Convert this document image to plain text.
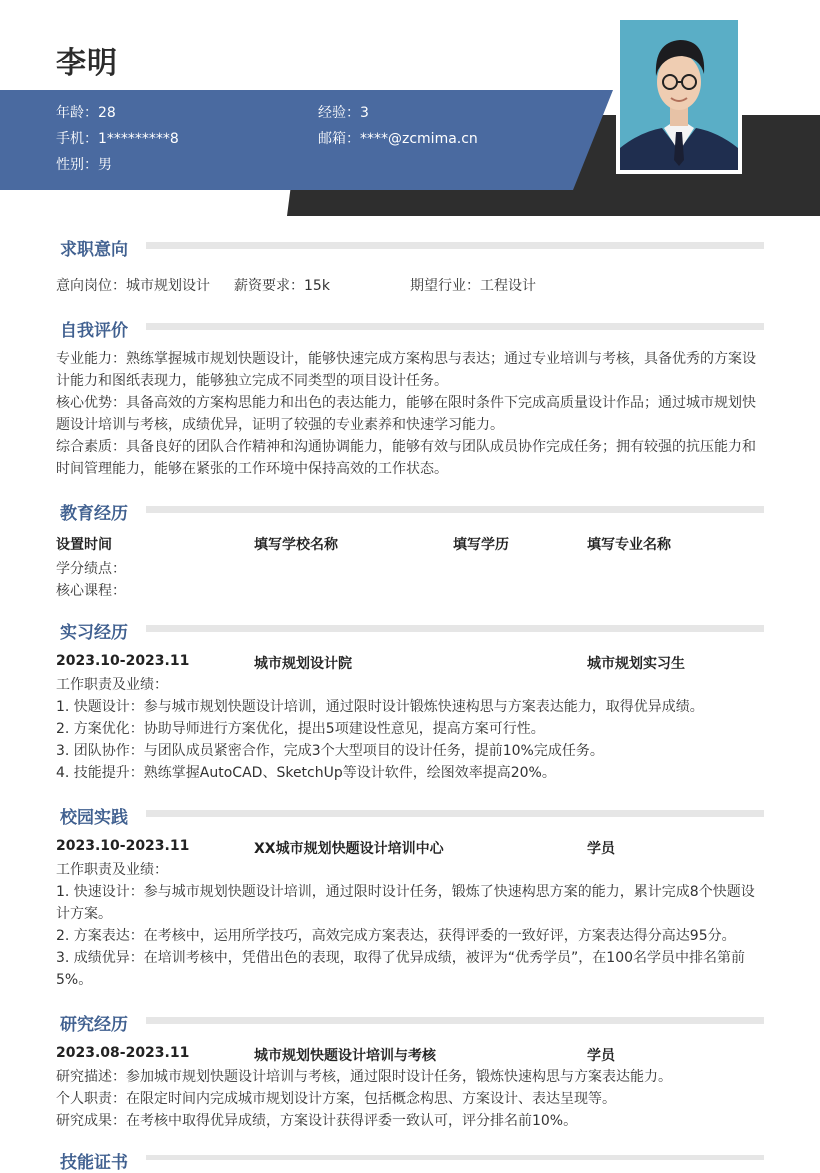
李明
年龄：28	经验：3
手机：1*********8	邮箱：****@zcmima.cn
性别：男
求职意向
意向岗位：城市规划设计 薪资要求：15k	期望行业：工程设计
自我评价
专业能力：熟练掌握城市规划快题设计，能够快速完成方案构思与表达；通过专业培训与考核，具备优秀的方案设
计能力和图纸表现力，能够独立完成不同类型的项目设计任务。
核心优势：具备高效的方案构思能力和出色的表达能力，能够在限时条件下完成高质量设计作品；通过城市规划快
题设计培训与考核，成绩优异，证明了较强的专业素养和快速学习能力。
综合素质：具备良好的团队合作精神和沟通协调能力，能够有效与团队成员协作完成任务；拥有较强的抗压能力和
时间管理能力，能够在紧张的工作环境中保持高效的工作状态。
教育经历
设置时间	填写学校名称	填写学历	填写专业名称
学分绩点：
核心课程：
实习经历
2023.10-2023.11	城市规划设计院	城市规划实习生
工作职责及业绩：
1. 快题设计：参与城市规划快题设计培训，通过限时设计锻炼快速构思与方案表达能力，取得优异成绩。
2. 方案优化：协助导师进行方案优化，提出5项建设性意见，提高方案可行性。
3. 团队协作：与团队成员紧密合作，完成3个大型项目的设计任务，提前10%完成任务。
4. 技能提升：熟练掌握AutoCAD、SketchUp等设计软件，绘图效率提高20%。
校园实践
2023.10-2023.11	XX城市规划快题设计培训中心	学员
工作职责及业绩：
1. 快速设计：参与城市规划快题设计培训，通过限时设计任务，锻炼了快速构思方案的能力，累计完成8个快题设
计方案。
2. 方案表达：在考核中，运用所学技巧，高效完成方案表达，获得评委的一致好评，方案表达得分高达95分。
3. 成绩优异：在培训考核中，凭借出色的表现，取得了优异成绩，被评为“优秀学员”，在100名学员中排名第前
5%。
研究经历
2023.08-2023.11	城市规划快题设计培训与考核	学员
研究描述：参加城市规划快题设计培训与考核，通过限时设计任务，锻炼快速构思与方案表达能力。
个人职责：在限定时间内完成城市规划设计方案，包括概念构思、方案设计、表达呈现等。
研究成果：在考核中取得优异成绩，方案设计获得评委一致认可，评分排名前10%。
技能证书
